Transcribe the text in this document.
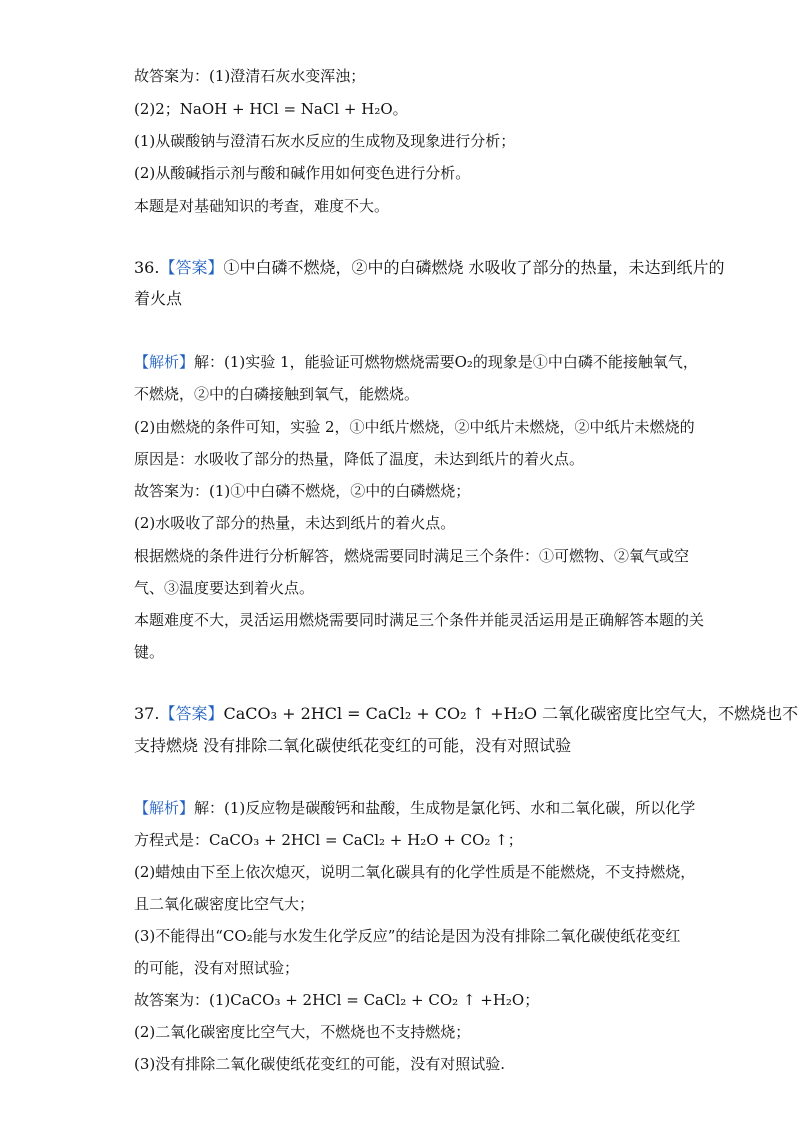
故答案为：(1)澄清石灰水变浑浊；
(2)2；NaOH + HCl = NaCl + H₂O。
(1)从碳酸钠与澄清石灰水反应的生成物及现象进行分析；
(2)从酸碱指示剂与酸和碱作用如何变色进行分析。
本题是对基础知识的考查，难度不大。
36.【答案】①中白磷不燃烧，②中的白磷燃烧 水吸收了部分的热量，未达到纸片的
着火点
【解析】解：(1)实验 1，能验证可燃物燃烧需要O₂的现象是①中白磷不能接触氧气，
不燃烧，②中的白磷接触到氧气，能燃烧。
(2)由燃烧的条件可知，实验 2，①中纸片燃烧，②中纸片未燃烧，②中纸片未燃烧的
原因是：水吸收了部分的热量，降低了温度，未达到纸片的着火点。
故答案为：(1)①中白磷不燃烧，②中的白磷燃烧；
(2)水吸收了部分的热量，未达到纸片的着火点。
根据燃烧的条件进行分析解答，燃烧需要同时满足三个条件：①可燃物、②氧气或空
气、③温度要达到着火点。
本题难度不大，灵活运用燃烧需要同时满足三个条件并能灵活运用是正确解答本题的关
键。
37.【答案】CaCO₃ + 2HCl = CaCl₂ + CO₂ ↑ +H₂O 二氧化碳密度比空气大，不燃烧也不
支持燃烧 没有排除二氧化碳使纸花变红的可能，没有对照试验
【解析】解：(1)反应物是碳酸钙和盐酸，生成物是氯化钙、水和二氧化碳，所以化学
方程式是：CaCO₃ + 2HCl = CaCl₂ + H₂O + CO₂ ↑；
(2)蜡烛由下至上依次熄灭，说明二氧化碳具有的化学性质是不能燃烧，不支持燃烧，
且二氧化碳密度比空气大；
(3)不能得出“CO₂能与水发生化学反应”的结论是因为没有排除二氧化碳使纸花变红
的可能，没有对照试验；
故答案为：(1)CaCO₃ + 2HCl = CaCl₂ + CO₂ ↑ +H₂O；
(2)二氧化碳密度比空气大，不燃烧也不支持燃烧；
(3)没有排除二氧化碳使纸花变红的可能，没有对照试验.
